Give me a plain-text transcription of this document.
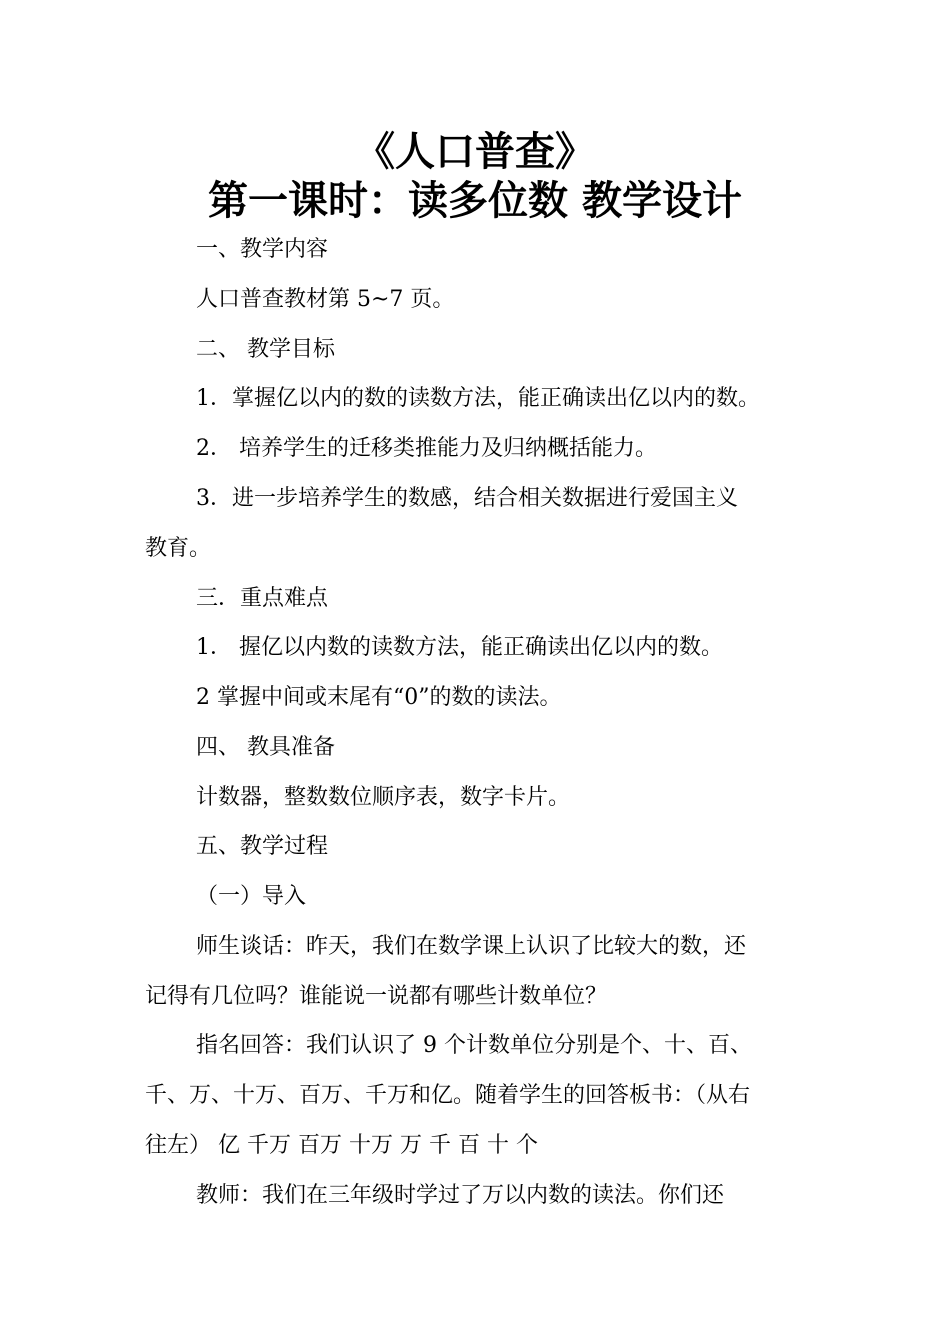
《人口普查》
第一课时：读多位数 教学设计
一、教学内容
人口普查教材第 5~7 页。
二、 教学目标
1．掌握亿以内的数的读数方法，能正确读出亿以内的数。
2． 培养学生的迁移类推能力及归纳概括能力。
3．进一步培养学生的数感，结合相关数据进行爱国主义
教育。
三．重点难点
1． 握亿以内数的读数方法，能正确读出亿以内的数。
2 掌握中间或末尾有“0”的数的读法。
四、 教具准备
计数器，整数数位顺序表，数字卡片。
五、教学过程
（一）导入
师生谈话：昨天，我们在数学课上认识了比较大的数，还
记得有几位吗？谁能说一说都有哪些计数单位？
指名回答：我们认识了 9 个计数单位分别是个、十、百、
千、万、十万、百万、千万和亿。随着学生的回答板书：（从右
往左） 亿 千万 百万 十万 万 千 百 十 个
教师：我们在三年级时学过了万以内数的读法。你们还
